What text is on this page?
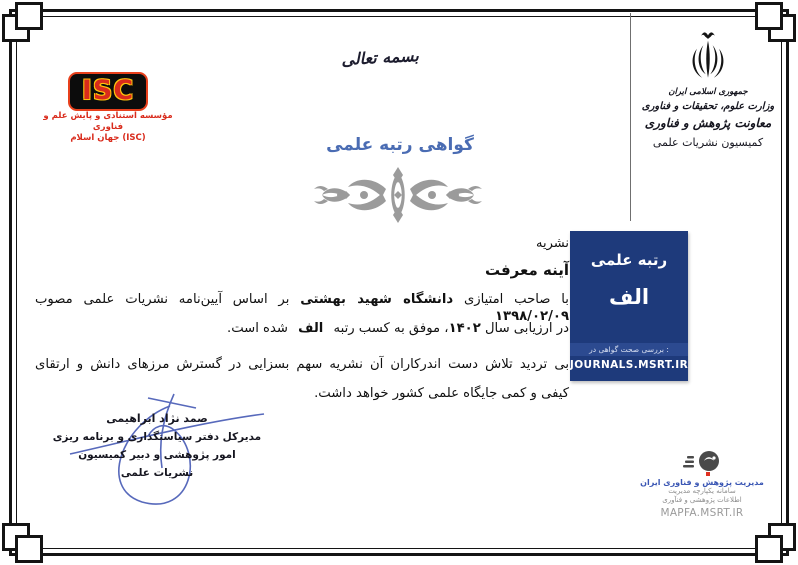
بسمه تعالی
ISC
مؤسسه استنادی و پایش علم و فناوری
جهان اسلام (ISC)
جمهوری اسلامی ایران
وزارت علوم، تحقیقات و فناوری
معاونت پژوهش و فناوری
کمیسیون نشریات علمی
گواهی رتبه علمی
نشریه
آینه معرفت
با صاحب امتیازی دانشگاه شهید بهشتی بر اساس آیین‌نامه نشریات علمی مصوب ۱۳۹۸/۰۲/۰۹
در ارزیابی سال ۱۴۰۲، موفق به کسب رتبه الف شده است.
بی تردید تلاش دست اندرکاران آن نشریه سهم بسزایی در گسترش مرزهای دانش و ارتقای
کیفی و کمی جایگاه علمی کشور خواهد داشت.
رتبه علمی
الف
بررسی صحت گواهی در :
JOURNALS.MSRT.IR
صمد نژاد ابراهیمی
مدیرکل دفتر سیاستگذاری و برنامه ریزی
امور پژوهشی و دبیر کمیسیون
نشریات علمی
مدیریت پژوهش و فناوری ایران
سامانه یکپارچه مدیریت
اطلاعات پژوهشی و فنآوری
MAPFA.MSRT.IR
